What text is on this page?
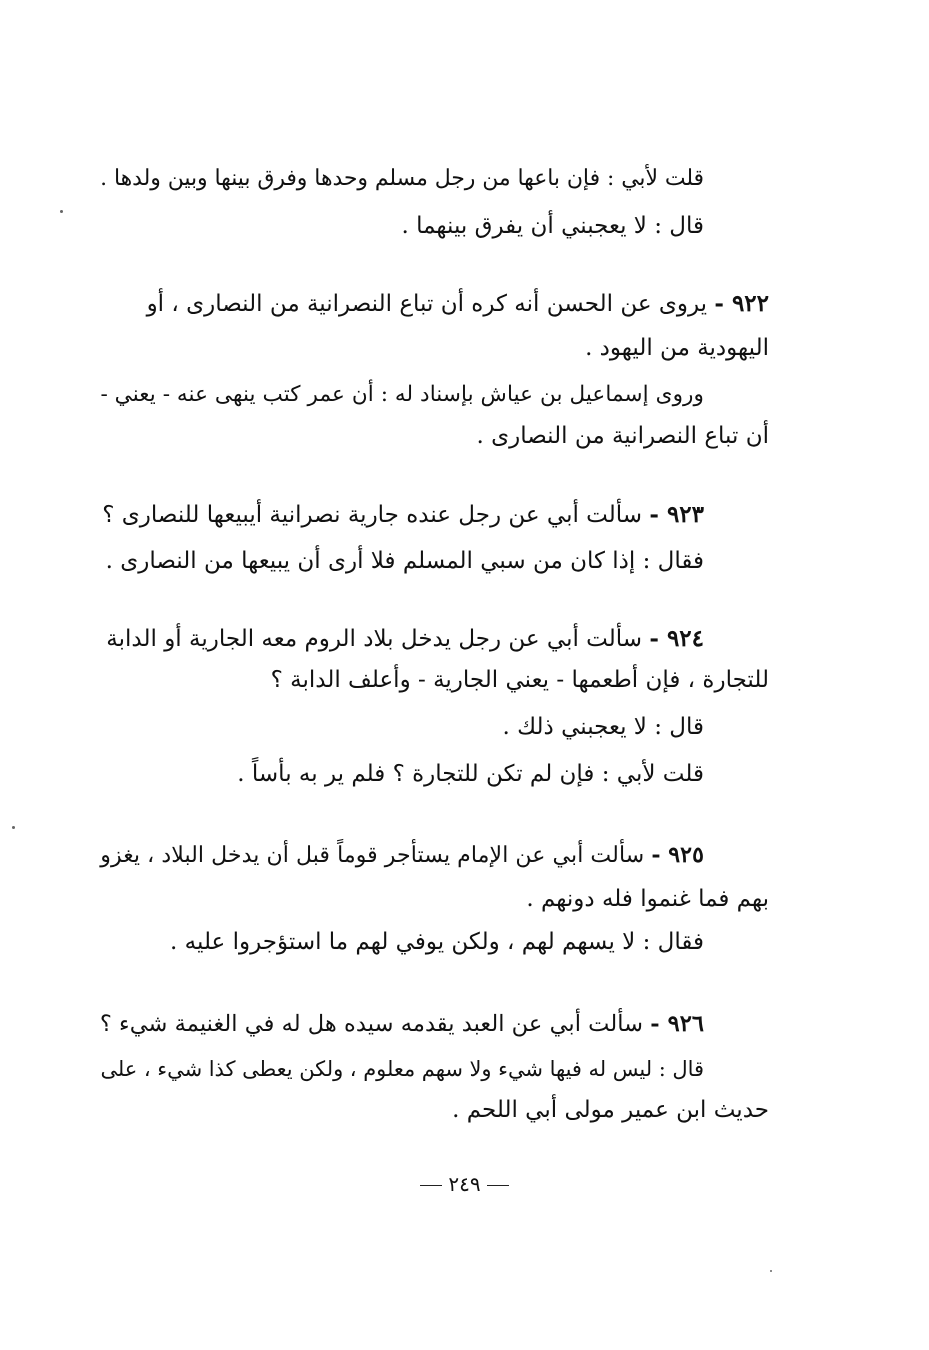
قلت لأبي : فإن باعها من رجل مسلم وحدها وفرق بينها وبين ولدها .
قال : لا يعجبني أن يفرق بينهما .
٩٢٢ - يروى عن الحسن أنه كره أن تباع النصرانية من النصارى ، أو
اليهودية من اليهود .
وروى إسماعيل بن عياش بإسناد له : أن عمر كتب ينهى عنه - يعني -
أن تباع النصرانية من النصارى .
٩٢٣ - سألت أبي عن رجل عنده جارية نصرانية أيبيعها للنصارى ؟
فقال : إذا كان من سبي المسلم فلا أرى أن يبيعها من النصارى .
٩٢٤ - سألت أبي عن رجل يدخل بلاد الروم معه الجارية أو الدابة
للتجارة ، فإن أطعمها - يعني الجارية - وأعلف الدابة ؟
قال : لا يعجبني ذلك .
قلت لأبي : فإن لم تكن للتجارة ؟ فلم ير به بأساً .
٩٢٥ - سألت أبي عن الإمام يستأجر قوماً قبل أن يدخل البلاد ، يغزو
بهم فما غنموا فله دونهم .
فقال : لا يسهم لهم ، ولكن يوفي لهم ما استؤجروا عليه .
٩٢٦ - سألت أبي عن العبد يقدمه سيده هل له في الغنيمة شيء ؟
قال : ليس له فيها شيء ولا سهم معلوم ، ولكن يعطى كذا شيء ، على
حديث ابن عمير مولى أبي اللحم .
٢٤٩
